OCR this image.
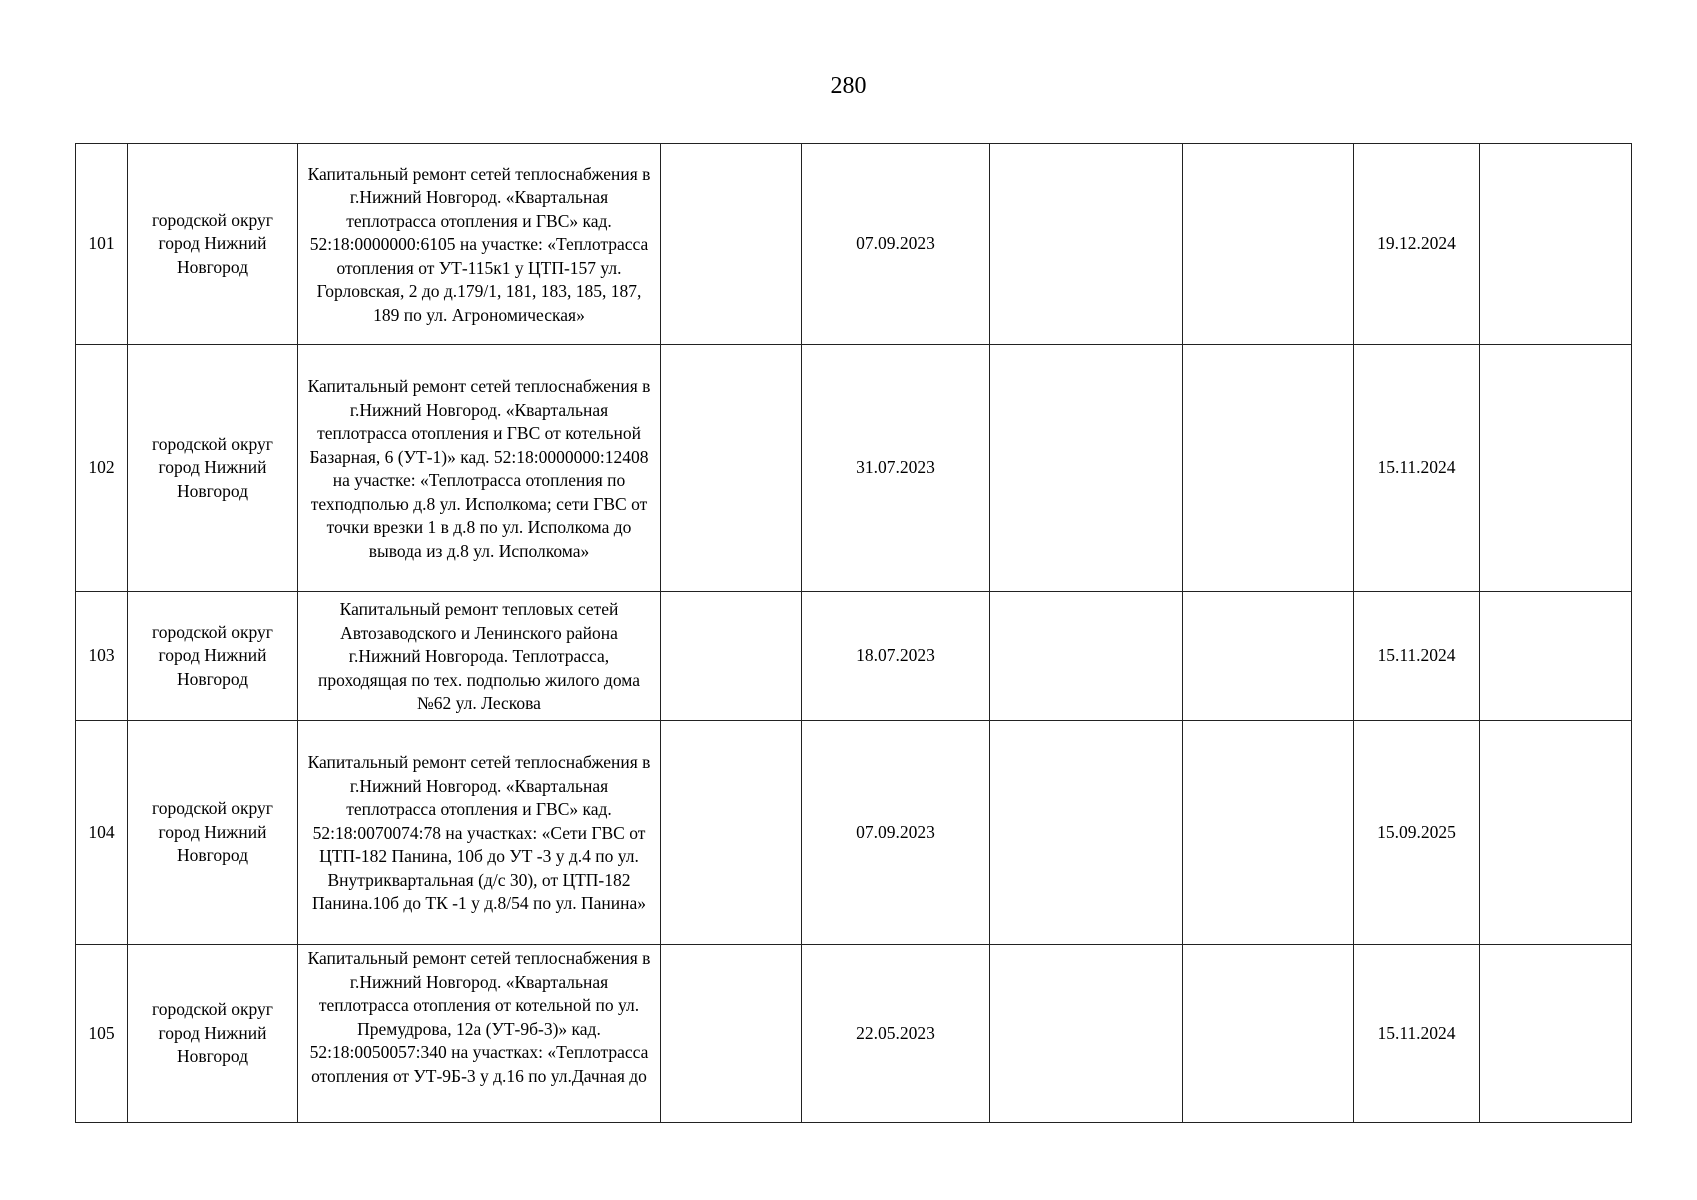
280
101	городской округ город Нижний Новгород	Капитальный ремонт сетей теплоснабжения в г.Нижний Новгород. «Квартальная теплотрасса отопления и ГВС» кад. 52:18:0000000:6105 на участке: «Теплотрасса отопления от УТ-115к1 у ЦТП-157 ул. Горловская, 2 до д.179/1, 181, 183, 185, 187, 189 по ул. Агрономическая»		07.09.2023			19.12.2024	
102	городской округ город Нижний Новгород	Капитальный ремонт сетей теплоснабжения в г.Нижний Новгород. «Квартальная теплотрасса отопления и ГВС от котельной Базарная, 6 (УТ-1)» кад. 52:18:0000000:12408 на участке: «Теплотрасса отопления по техподполью д.8 ул. Исполкома; сети ГВС от точки врезки 1 в д.8 по ул. Исполкома до вывода из д.8 ул. Исполкома»		31.07.2023			15.11.2024	
103	городской округ город Нижний Новгород	Капитальный ремонт тепловых сетей Автозаводского и Ленинского района г.Нижний Новгорода. Теплотрасса, проходящая по тех. подполью жилого дома №62 ул. Лескова		18.07.2023			15.11.2024	
104	городской округ город Нижний Новгород	Капитальный ремонт сетей теплоснабжения в г.Нижний Новгород. «Квартальная теплотрасса отопления и ГВС» кад. 52:18:0070074:78 на участках: «Сети ГВС от ЦТП-182 Панина, 10б до УТ -3 у д.4 по ул. Внутриквартальная (д/с 30), от ЦТП-182 Панина.10б до ТК -1 у д.8/54 по ул. Панина»		07.09.2023			15.09.2025	
105	городской округ город Нижний Новгород	Капитальный ремонт сетей теплоснабжения в г.Нижний Новгород. «Квартальная теплотрасса отопления от котельной по ул. Премудрова, 12а (УТ-9б-3)» кад. 52:18:0050057:340 на участках: «Теплотрасса отопления от УТ-9Б-3 у д.16 по ул.Дачная до		22.05.2023			15.11.2024	
